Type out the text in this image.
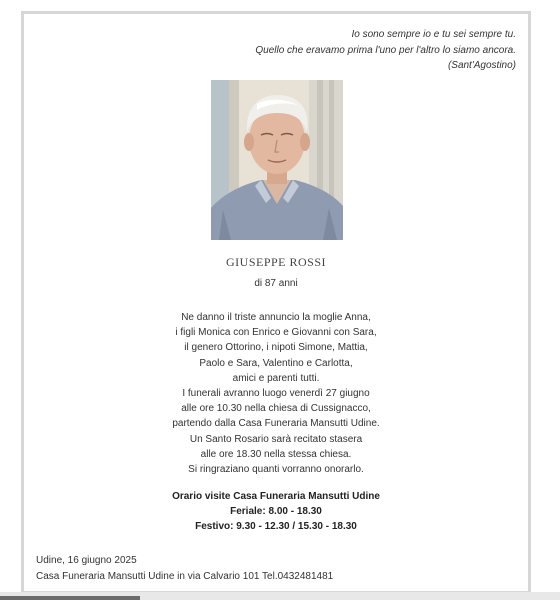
Io sono sempre io e tu sei sempre tu.
Quello che eravamo prima l'uno per l'altro lo siamo ancora.
(Sant'Agostino)
GIUSEPPE ROSSI
di 87 anni
Ne danno il triste annuncio la moglie Anna,
i figli Monica con Enrico e Giovanni con Sara,
il genero Ottorino, i nipoti Simone, Mattia,
Paolo e Sara, Valentino e Carlotta,
amici e parenti tutti.
I funerali avranno luogo venerdì 27 giugno
alle ore 10.30 nella chiesa di Cussignacco,
partendo dalla Casa Funeraria Mansutti Udine.
Un Santo Rosario sarà recitato stasera
alle ore 18.30 nella stessa chiesa.
Si ringraziano quanti vorranno onorarlo.
Orario visite Casa Funeraria Mansutti Udine
Feriale: 8.00 - 18.30
Festivo: 9.30 - 12.30 / 15.30 - 18.30
Udine, 16 giugno 2025
Casa Funeraria Mansutti Udine in via Calvario 101 Tel.0432481481
